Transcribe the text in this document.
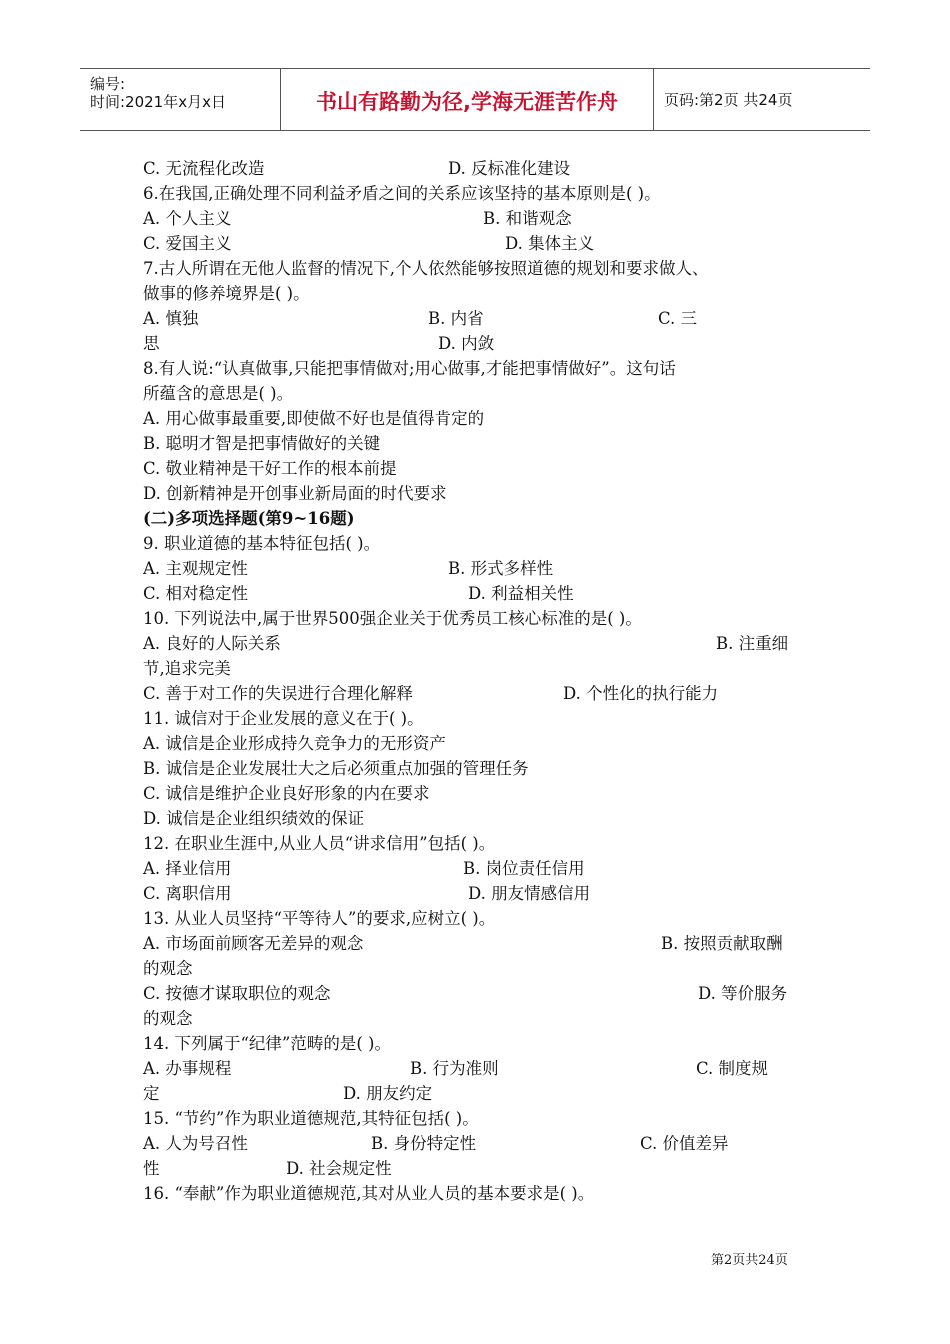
编号:
时间:2021年x月x日	书山有路勤为径,学海无涯苦作舟	页码:第2页 共24页
C. 无流程化改造	D. 反标准化建设
6.在我国,正确处理不同利益矛盾之间的关系应该坚持的基本原则是( )。
A. 个人主义	B. 和谐观念
C. 爱国主义	D. 集体主义
7.古人所谓在无他人监督的情况下,个人依然能够按照道德的规划和要求做人、
做事的修养境界是( )。
A. 慎独	B. 内省	C. 三
思	D. 内敛
8.有人说:“认真做事,只能把事情做对;用心做事,才能把事情做好”。这句话
所蕴含的意思是( )。
A. 用心做事最重要,即使做不好也是值得肯定的
B. 聪明才智是把事情做好的关键
C. 敬业精神是干好工作的根本前提
D. 创新精神是开创事业新局面的时代要求
(二)多项选择题(第9~16题)
9. 职业道德的基本特征包括( )。
A. 主观规定性	B. 形式多样性
C. 相对稳定性	D. 利益相关性
10. 下列说法中,属于世界500强企业关于优秀员工核心标准的是( )。
A. 良好的人际关系	B. 注重细
节,追求完美
C. 善于对工作的失误进行合理化解释	D. 个性化的执行能力
11. 诚信对于企业发展的意义在于( )。
A. 诚信是企业形成持久竞争力的无形资产
B. 诚信是企业发展壮大之后必须重点加强的管理任务
C. 诚信是维护企业良好形象的内在要求
D. 诚信是企业组织绩效的保证
12. 在职业生涯中,从业人员“讲求信用”包括( )。
A. 择业信用	B. 岗位责任信用
C. 离职信用	D. 朋友情感信用
13. 从业人员坚持“平等待人”的要求,应树立( )。
A. 市场面前顾客无差异的观念	B. 按照贡献取酬
的观念
C. 按德才谋取职位的观念	D. 等价服务
的观念
14. 下列属于“纪律”范畴的是( )。
A. 办事规程	B. 行为准则	C. 制度规
定	D. 朋友约定
15. “节约”作为职业道德规范,其特征包括( )。
A. 人为号召性	B. 身份特定性	C. 价值差异
性	D. 社会规定性
16. “奉献”作为职业道德规范,其对从业人员的基本要求是( )。
第2页共24页
